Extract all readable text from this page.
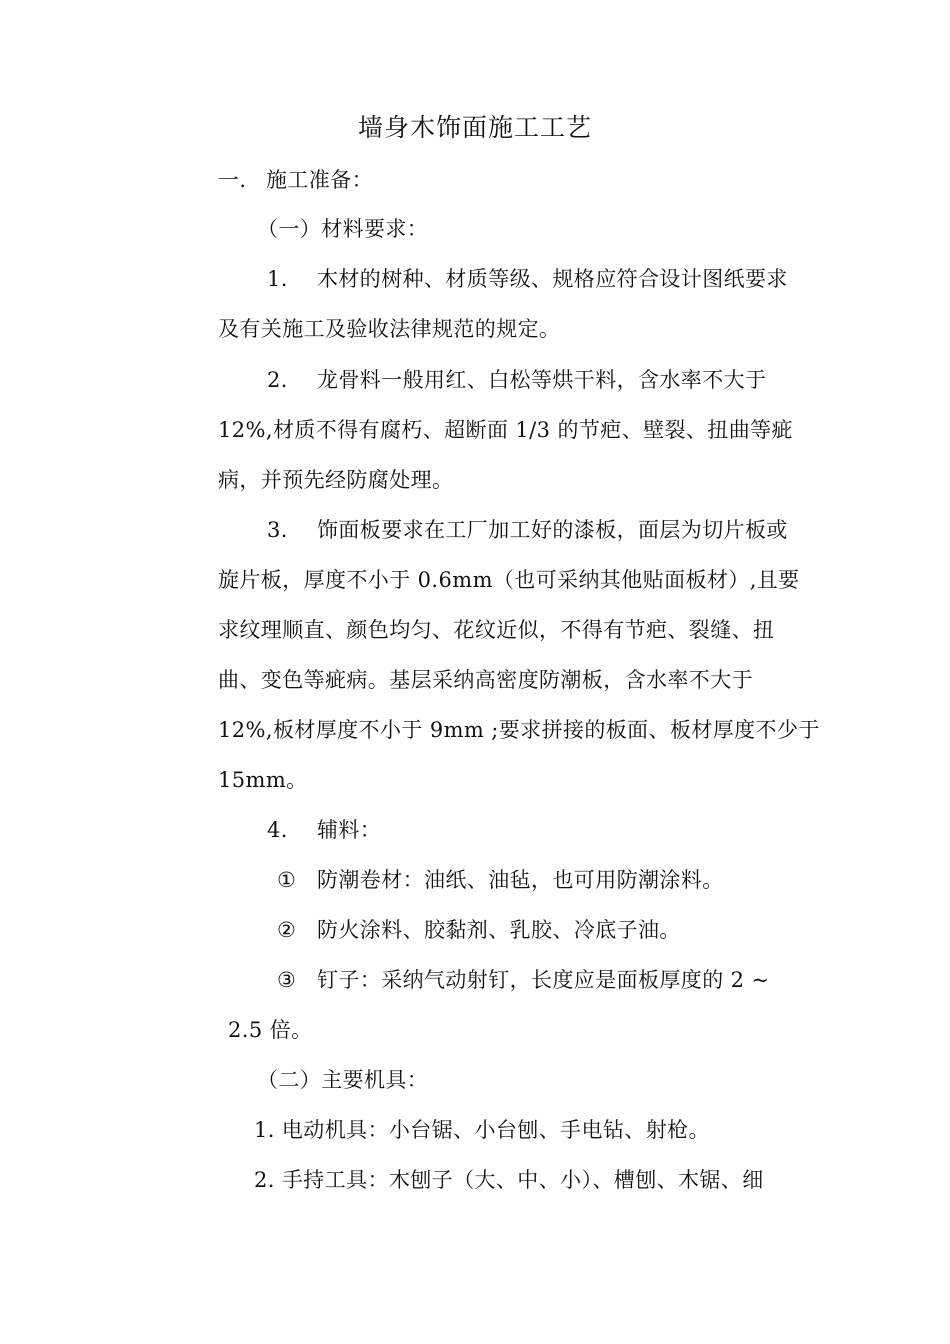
墙身木饰面施工工艺
一. 施工准备：
（一）材料要求：
1. 木材的树种、材质等级、规格应符合设计图纸要求
及有关施工及验收法律规范的规定。
2. 龙骨料一般用红、白松等烘干料，含水率不大于
12%,材质不得有腐朽、超断面 1/3 的节疤、壁裂、扭曲等疵
病，并预先经防腐处理。
3. 饰面板要求在工厂加工好的漆板，面层为切片板或
旋片板，厚度不小于 0.6mm（也可采纳其他贴面板材）,且要
求纹理顺直、颜色均匀、花纹近似，不得有节疤、裂缝、扭
曲、变色等疵病。基层采纳高密度防潮板，含水率不大于
12%,板材厚度不小于 9mm ;要求拼接的板面、板材厚度不少于
15mm。
4. 辅料：
① 防潮卷材：油纸、油毡，也可用防潮涂料。
② 防火涂料、胶黏剂、乳胶、冷底子油。
③ 钉子：采纳气动射钉，长度应是面板厚度的 2 ~
2.5 倍。
（二）主要机具：
1. 电动机具：小台锯、小台刨、手电钻、射枪。
2. 手持工具：木刨子（大、中、小）、槽刨、木锯、细
